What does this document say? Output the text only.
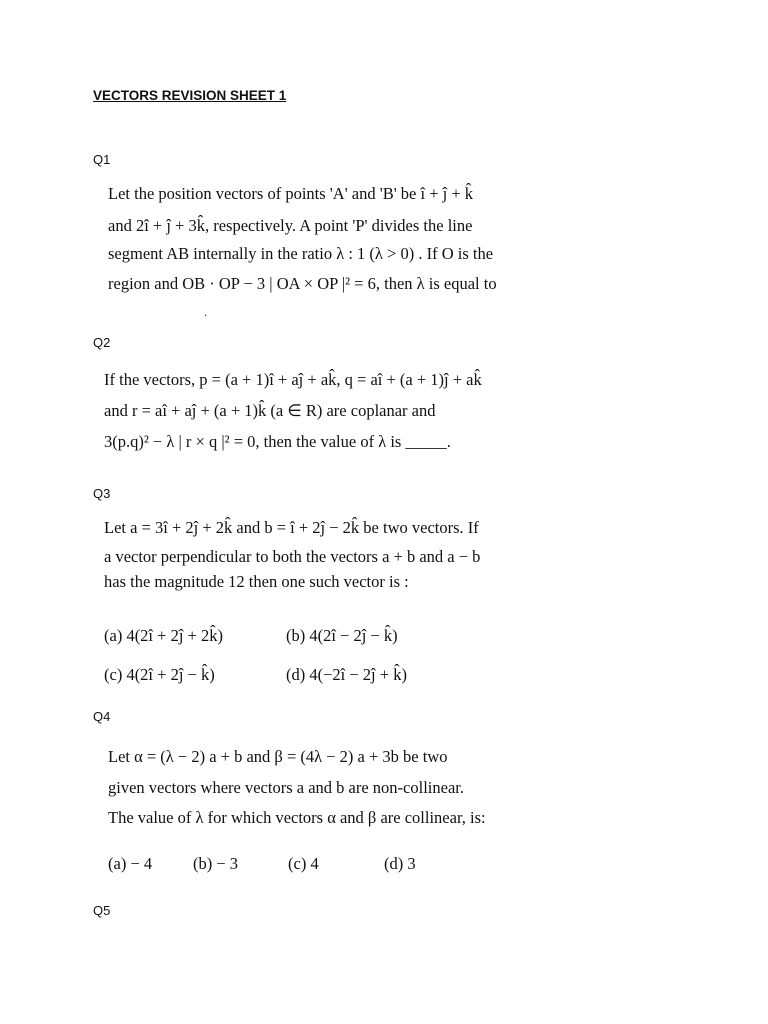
VECTORS REVISION SHEET 1
Q1
Let the position vectors of points 'A' and 'B' be î + ĵ + k̂
and 2î + ĵ + 3k̂, respectively. A point 'P' divides the line
segment AB internally in the ratio λ : 1 (λ > 0) . If O is the
region and OB · OP − 3 | OA × OP |² = 6, then λ is equal to
.
Q2
If the vectors, p = (a + 1)î + aĵ + ak̂, q = aî + (a + 1)ĵ + ak̂
and r = aî + aĵ + (a + 1)k̂ (a ∈ R) are coplanar and
3(p.q)² − λ | r × q |² = 0, then the value of λ is _____.
Q3
Let a = 3î + 2ĵ + 2k̂ and b = î + 2ĵ − 2k̂ be two vectors. If
a vector perpendicular to both the vectors a + b and a − b
has the magnitude 12 then one such vector is :
(a) 4(2î + 2ĵ + 2k̂)	(b) 4(2î − 2ĵ − k̂)
(c) 4(2î + 2ĵ − k̂)	(d) 4(−2î − 2ĵ + k̂)
Q4
Let α = (λ − 2) a + b and β = (4λ − 2) a + 3b be two
given vectors where vectors a and b are non-collinear.
The value of λ for which vectors α and β are collinear, is:
(a) − 4 (b) − 3	(c) 4	(d) 3
Q5
